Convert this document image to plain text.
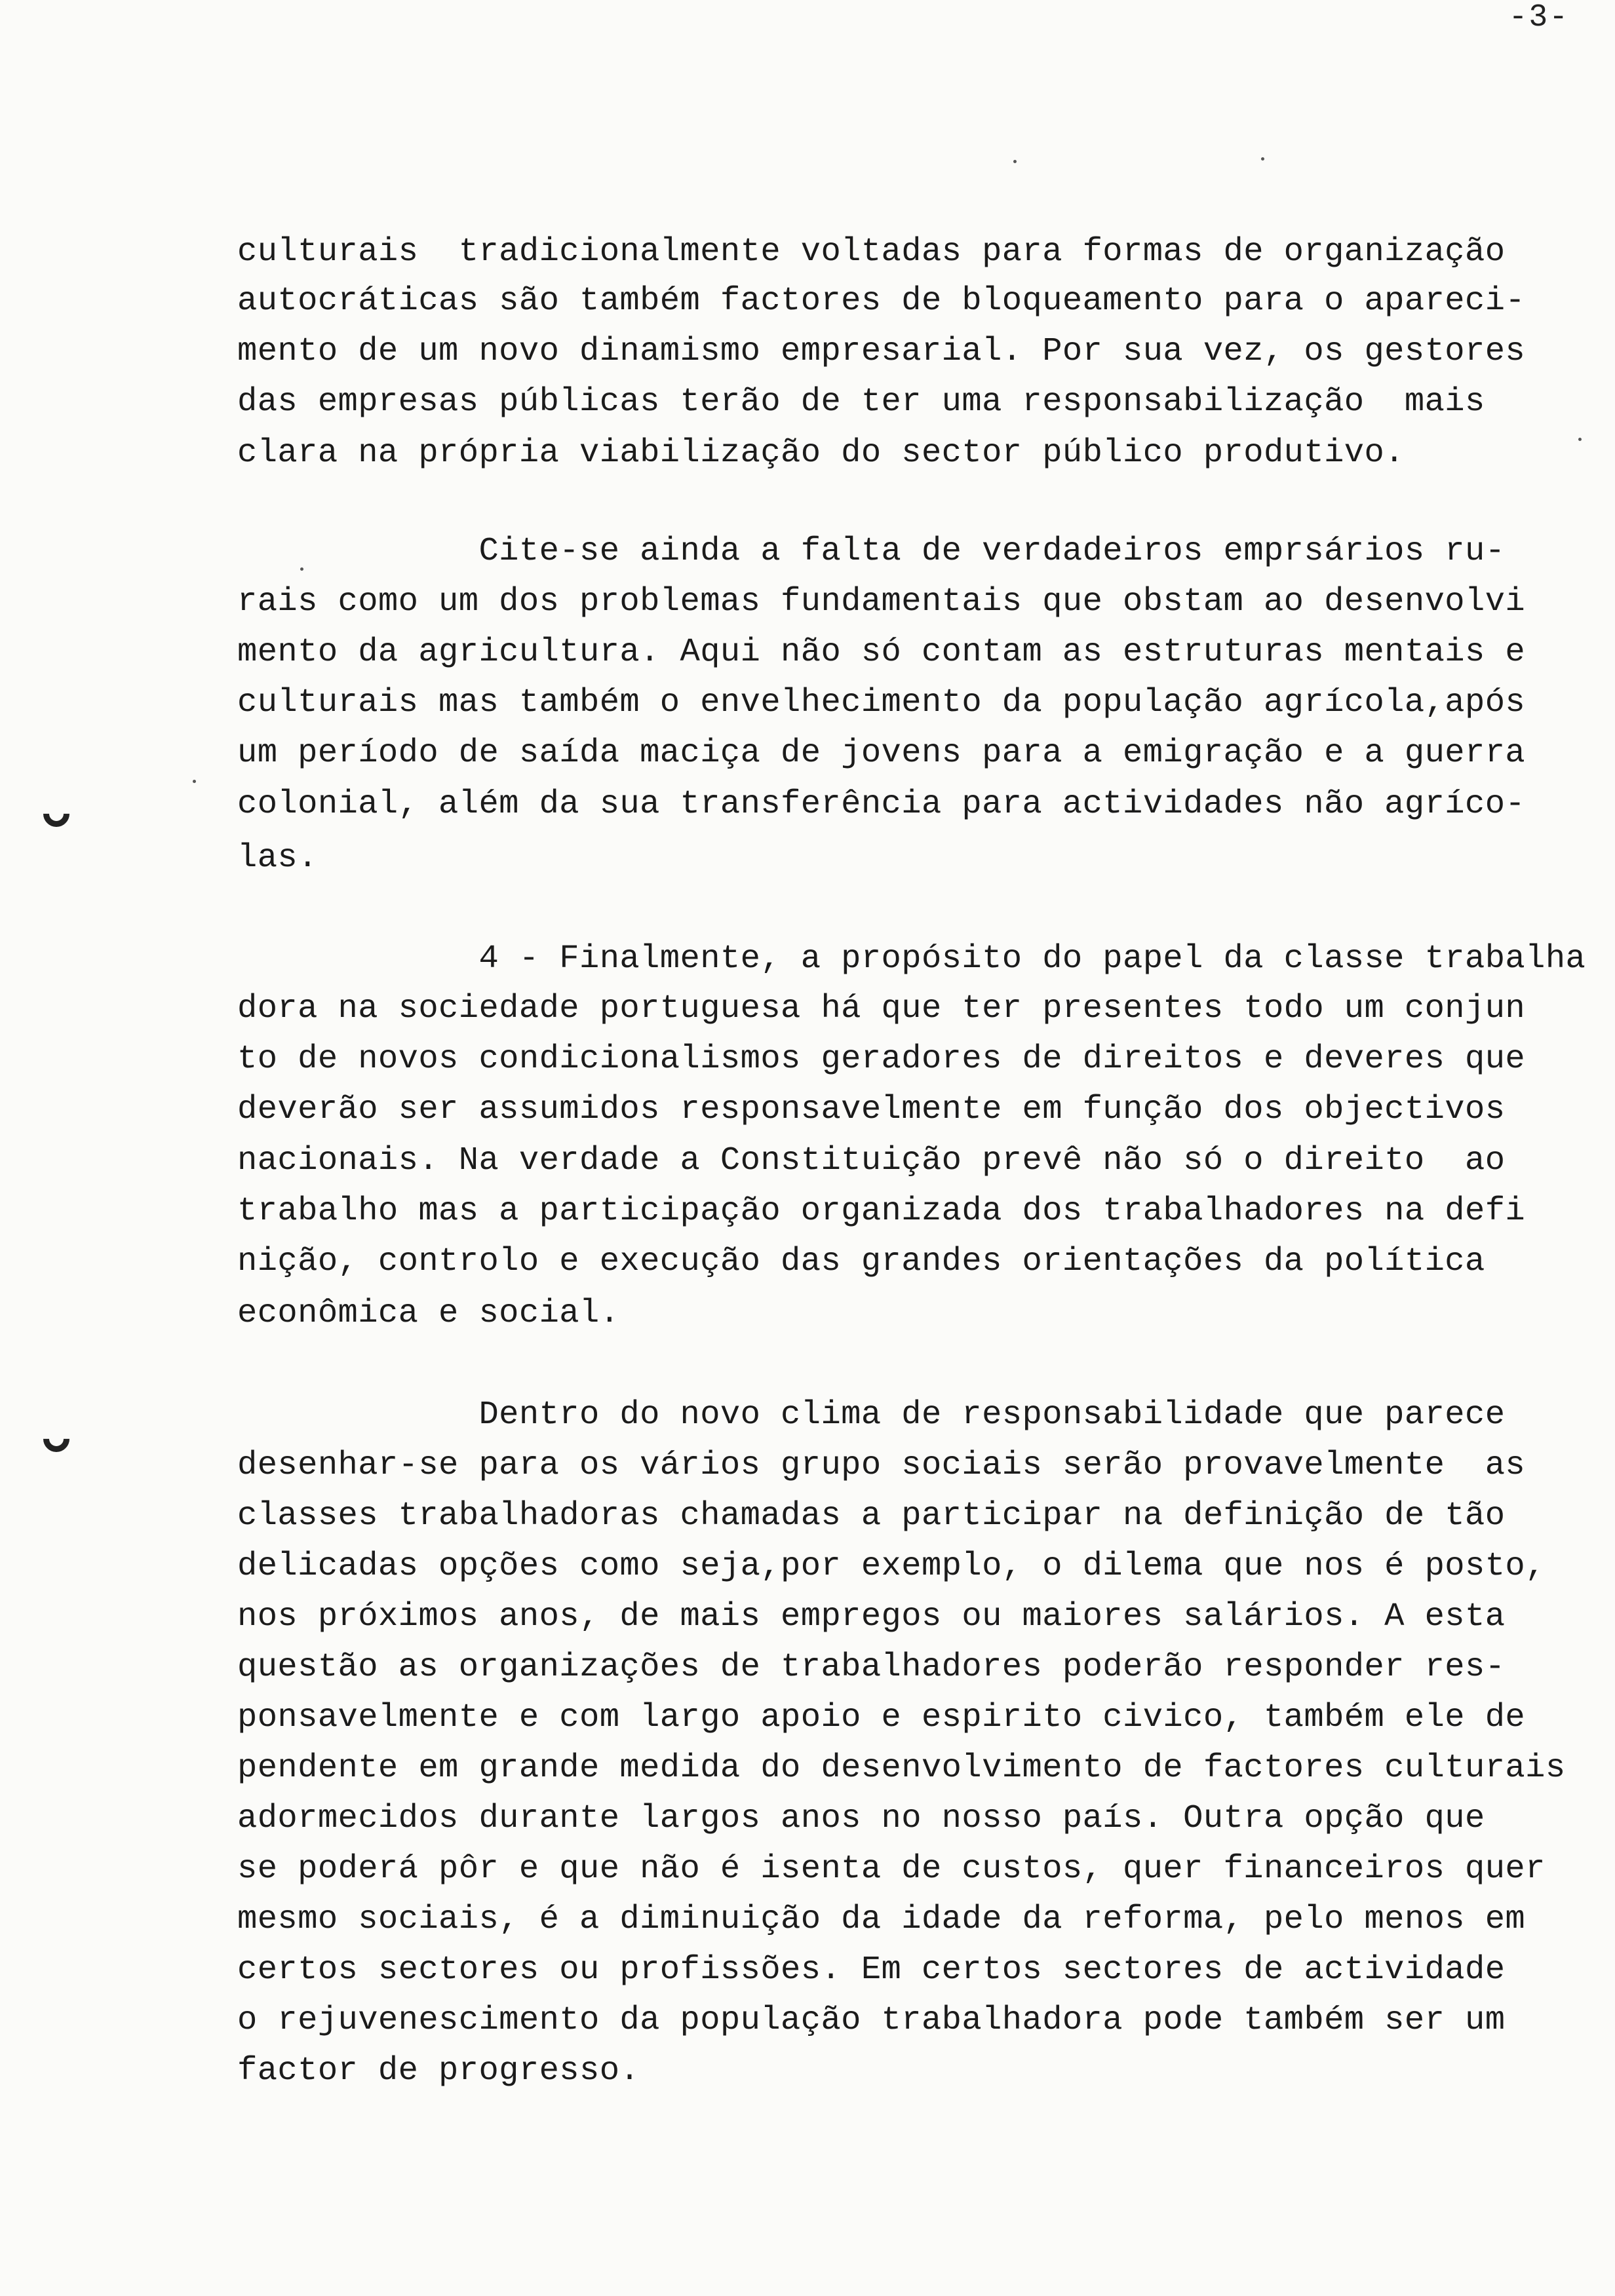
-3-
culturais  tradicionalmente voltadas para formas de organização
autocráticas são também factores de bloqueamento para o apareci-
mento de um novo dinamismo empresarial. Por sua vez, os gestores
das empresas públicas terão de ter uma responsabilização  mais
clara na própria viabilização do sector público produtivo.
Cite-se ainda a falta de verdadeiros emprsários ru-
rais como um dos problemas fundamentais que obstam ao desenvolvi
mento da agricultura. Aqui não só contam as estruturas mentais e
culturais mas também o envelhecimento da população agrícola,após
um período de saída maciça de jovens para a emigração e a guerra
colonial, além da sua transferência para actividades não agríco-
las.
4 - Finalmente, a propósito do papel da classe trabalha
dora na sociedade portuguesa há que ter presentes todo um conjun
to de novos condicionalismos geradores de direitos e deveres que
deverão ser assumidos responsavelmente em função dos objectivos
nacionais. Na verdade a Constituição prevê não só o direito  ao
trabalho mas a participação organizada dos trabalhadores na defi
nição, controlo e execução das grandes orientações da política
econômica e social.
Dentro do novo clima de responsabilidade que parece
desenhar-se para os vários grupo sociais serão provavelmente  as
classes trabalhadoras chamadas a participar na definição de tão
delicadas opções como seja,por exemplo, o dilema que nos é posto,
nos próximos anos, de mais empregos ou maiores salários. A esta
questão as organizações de trabalhadores poderão responder res-
ponsavelmente e com largo apoio e espirito civico, também ele de
pendente em grande medida do desenvolvimento de factores culturais
adormecidos durante largos anos no nosso país. Outra opção que
se poderá pôr e que não é isenta de custos, quer financeiros quer
mesmo sociais, é a diminuição da idade da reforma, pelo menos em
certos sectores ou profissões. Em certos sectores de actividade
o rejuvenescimento da população trabalhadora pode também ser um
factor de progresso.
